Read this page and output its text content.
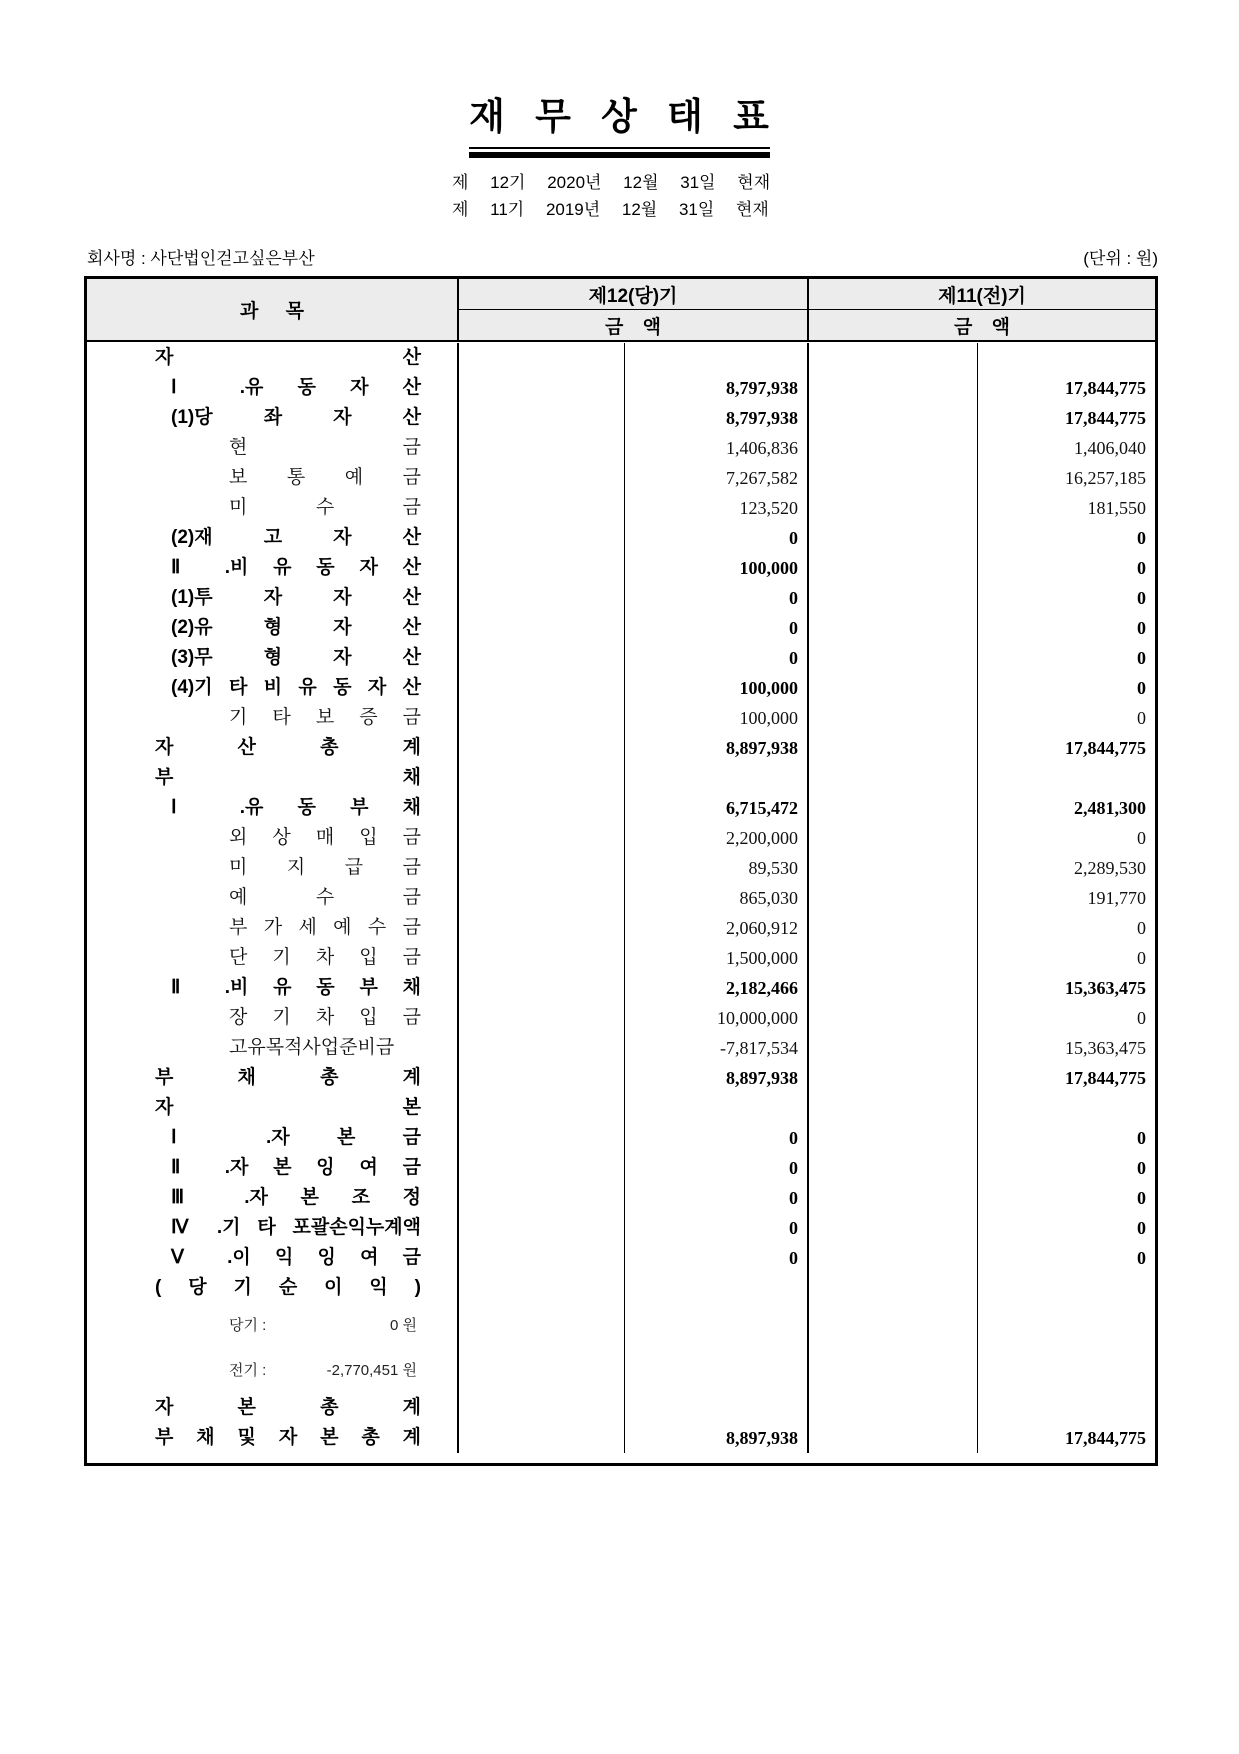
재 무 상 태 표
제 12기 2020년 12월 31일 현재
제 11기 2019년 12월 31일 현재
회사명 : 사단법인걷고싶은부산	(단위 : 원)
과 목
제12(당)기	제11(전)기
금 액	금 액
자 산
Ⅰ .유 동 자 산	8,797,938	17,844,775
(1)당 좌 자 산	8,797,938	17,844,775
현 금	1,406,836	1,406,040
보 통 예 금	7,267,582	16,257,185
미 수 금	123,520	181,550
(2)재 고 자 산	0	0
Ⅱ .비 유 동 자 산	100,000	0
(1)투 자 자 산	0	0
(2)유 형 자 산	0	0
(3)무 형 자 산	0	0
(4)기 타 비 유 동 자 산	100,000	0
기 타 보 증 금	100,000	0
자 산 총 계	8,897,938	17,844,775
부 채
Ⅰ .유 동 부 채	6,715,472	2,481,300
외 상 매 입 금	2,200,000	0
미 지 급 금	89,530	2,289,530
예 수 금	865,030	191,770
부 가 세 예 수 금	2,060,912	0
단 기 차 입 금	1,500,000	0
Ⅱ .비 유 동 부 채	2,182,466	15,363,475
장 기 차 입 금	10,000,000	0
고유목적사업준비금	-7,817,534	15,363,475
부 채 총 계	8,897,938	17,844,775
자 본
Ⅰ .자 본 금	0	0
Ⅱ .자 본 잉 여 금	0	0
Ⅲ .자 본 조 정	0	0
Ⅳ .기 타 포괄손익누계액	0	0
Ⅴ .이 익 잉 여 금	0	0
( 당 기 순 이 익 )
당기 :	0 원
전기 :	-2,770,451 원
자 본 총 계
부 채 및 자 본 총 계	8,897,938	17,844,775
